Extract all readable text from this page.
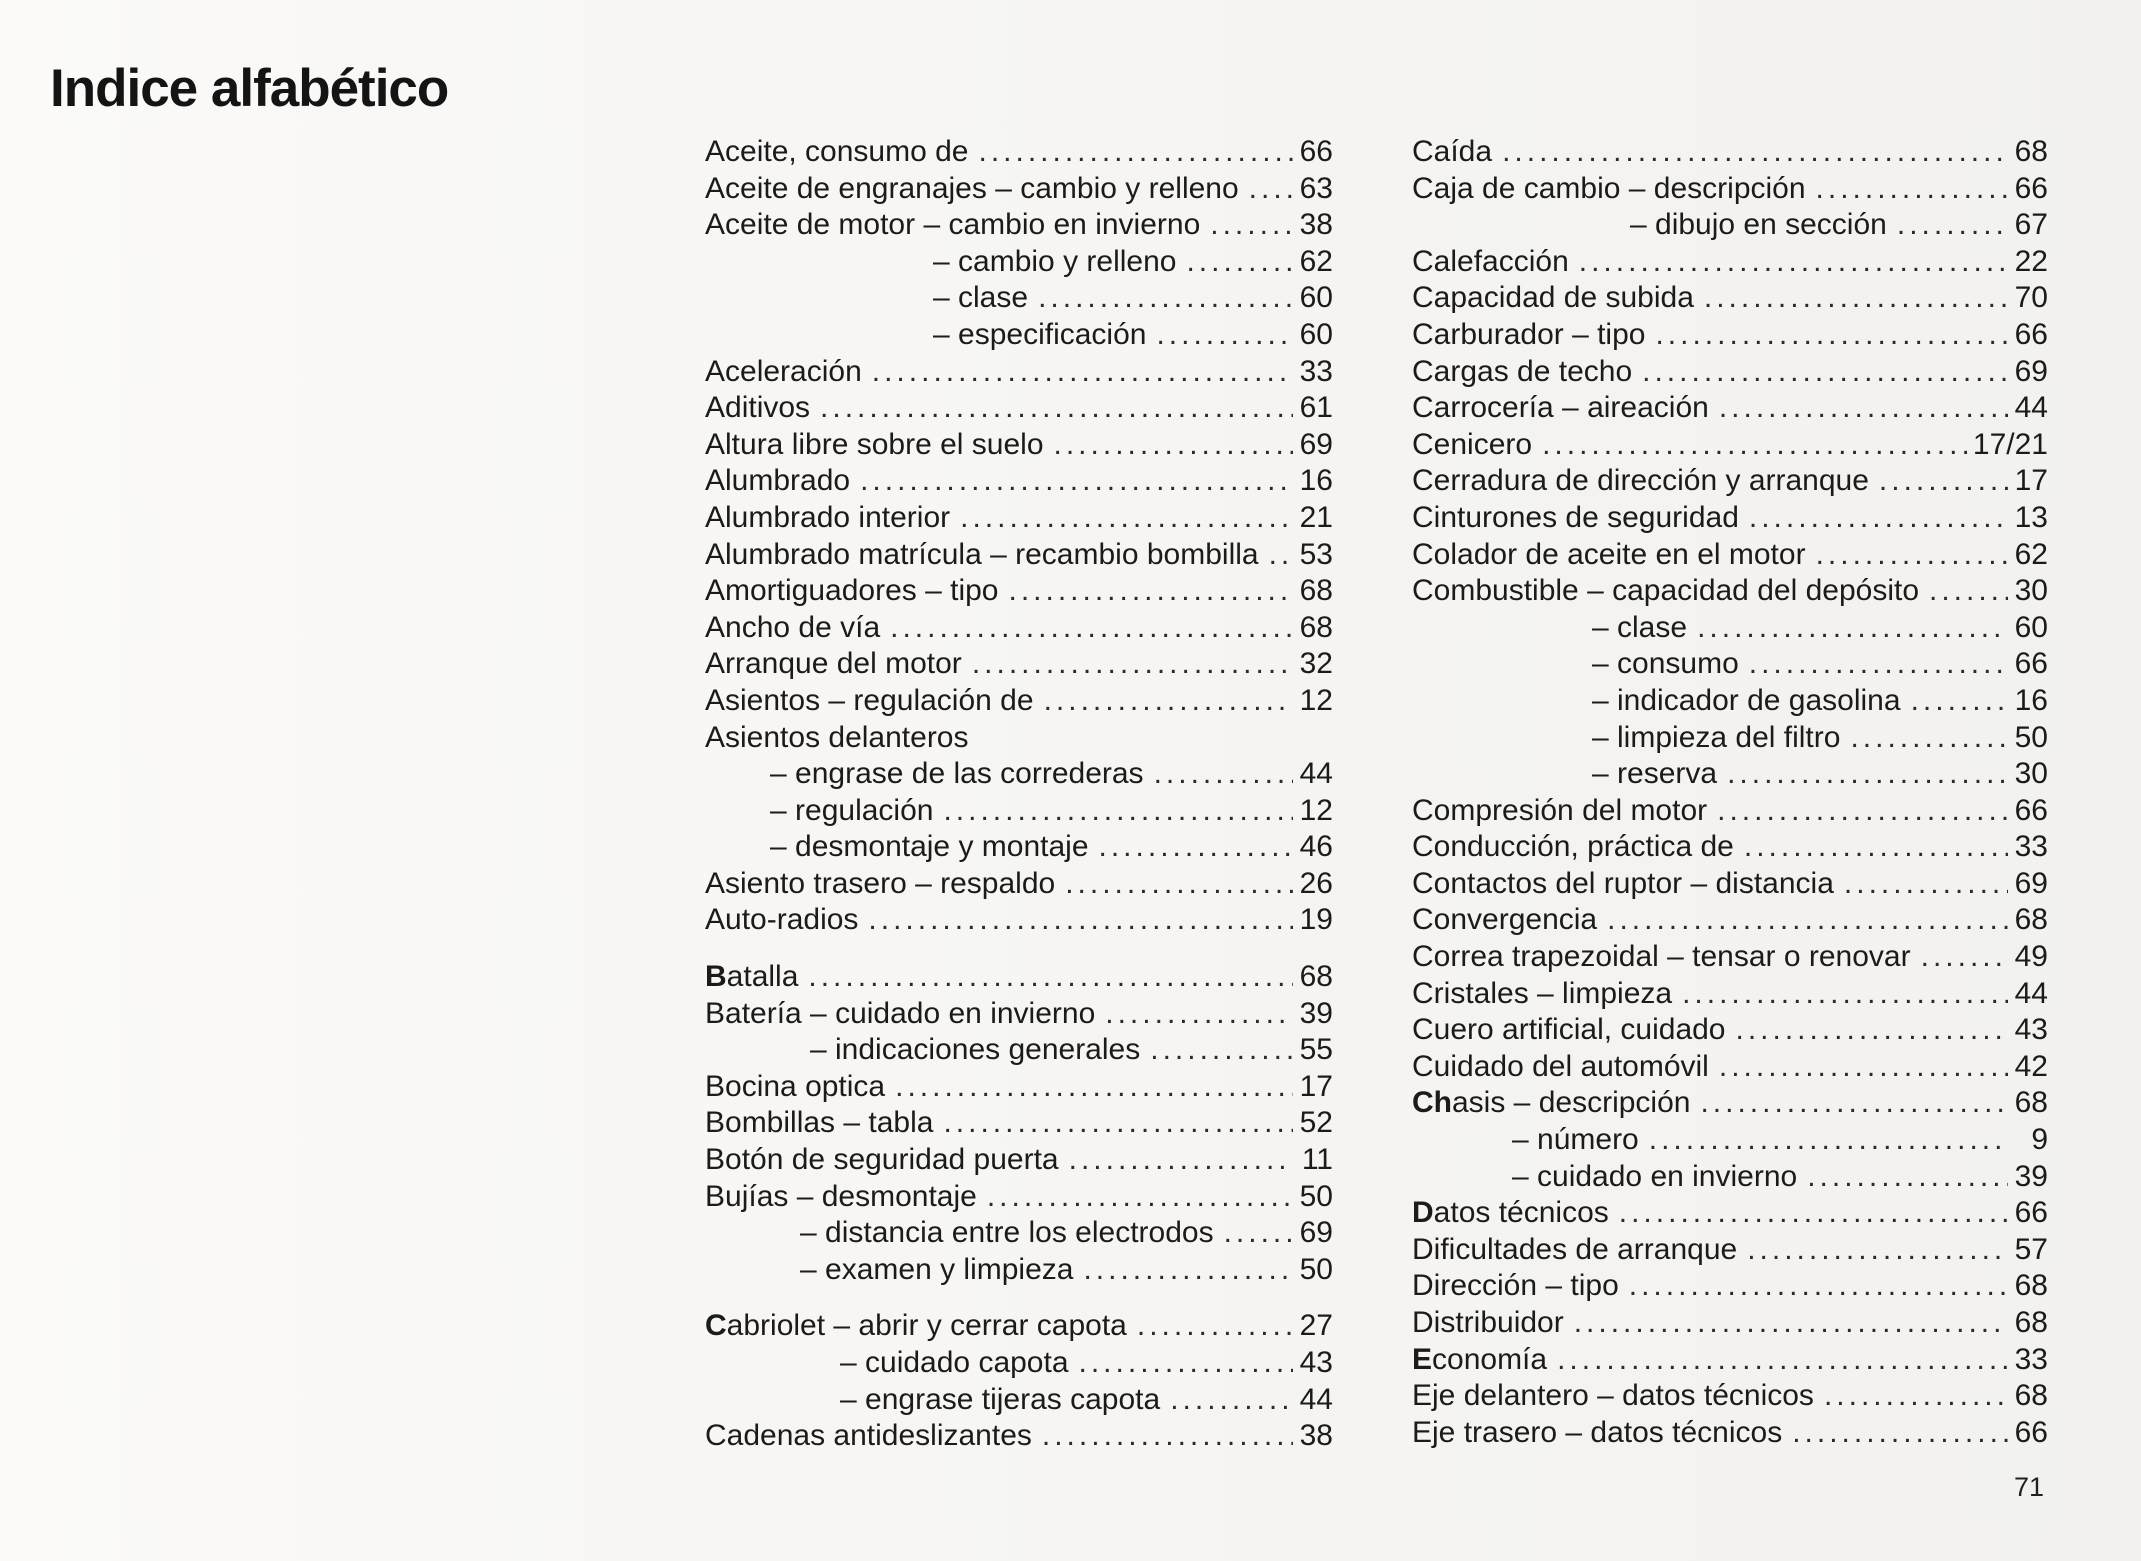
Indice alfabético
Aceite, consumo de .....	66
Aceite de engranajes – cambio y relleno ..... 63
Aceite de motor – cambio en invierno .....	38
– cambio y relleno .....	62
– clase .....	60
– especificación .....	60
Aceleración .....	33
Aditivos .....	61
Altura libre sobre el suelo .....	69
Alumbrado .....	16
Alumbrado interior .....	21
Alumbrado matrícula – recambio bombilla ..... 53
Amortiguadores – tipo .....	68
Ancho de vía .....	68
Arranque del motor .....	32
Asientos – regulación de .....	12
Asientos delanteros
– engrase de las correderas .....	44
– regulación .....	12
– desmontaje y montaje .....	46
Asiento trasero – respaldo .....	26
Auto-radios .....	19
Batalla .....	68
Batería – cuidado en invierno .....	39
– indicaciones generales .....	55
Bocina optica .....	17
Bombillas – tabla .....	52
Botón de seguridad puerta .....	11
Bujías – desmontaje .....	50
– distancia entre los electrodos .....	69
– examen y limpieza .....	50
Cabriolet – abrir y cerrar capota .....	27
– cuidado capota .....	43
– engrase tijeras capota .....	44
Cadenas antideslizantes .....	38
Caída .....	68
Caja de cambio – descripción .....	66
– dibujo en sección .....	67
Calefacción .....	22
Capacidad de subida .....	70
Carburador – tipo .....	66
Cargas de techo .....	69
Carrocería – aireación .....	44
Cenicero .....	17/21
Cerradura de dirección y arranque .....	17
Cinturones de seguridad .....	13
Colador de aceite en el motor .....	62
Combustible – capacidad del depósito .....	30
– clase .....	60
– consumo .....	66
– indicador de gasolina .....	16
– limpieza del filtro .....	50
– reserva .....	30
Compresión del motor .....	66
Conducción, práctica de .....	33
Contactos del ruptor – distancia .....	69
Convergencia .....	68
Correa trapezoidal – tensar o renovar .....	49
Cristales – limpieza .....	44
Cuero artificial, cuidado .....	43
Cuidado del automóvil .....	42
Chasis – descripción .....	68
– número .....	9
– cuidado en invierno .....	39
Datos técnicos .....	66
Dificultades de arranque .....	57
Dirección – tipo .....	68
Distribuidor .....	68
Economía .....	33
Eje delantero – datos técnicos .....	68
Eje trasero – datos técnicos .....	66
71
